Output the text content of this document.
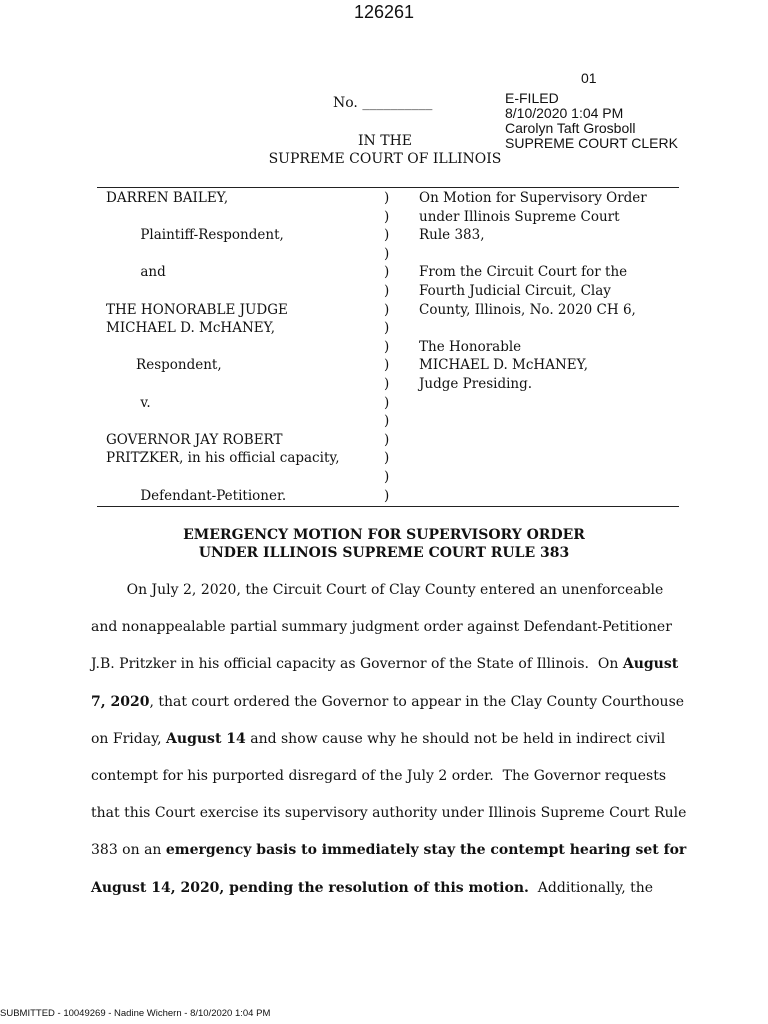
126261
01
No. __________	E-FILED
8/10/2020 1:04 PM
Carolyn Taft Grosboll
SUPREME COURT CLERK
IN THE
SUPREME COURT OF ILLINOIS
DARREN BAILEY,

Plaintiff-Respondent,

and

THE HONORABLE JUDGE
MICHAEL D. McHANEY,

Respondent,

v.

GOVERNOR JAY ROBERT
PRITZKER, in his official capacity,

Defendant-Petitioner.
)
)
)
)
)
)
)
)
)
)
)
)
)
)
)
)
)
On Motion for Supervisory Order
under Illinois Supreme Court
Rule 383,

From the Circuit Court for the
Fourth Judicial Circuit, Clay
County, Illinois, No. 2020 CH 6,

The Honorable
MICHAEL D. McHANEY,
Judge Presiding.
EMERGENCY MOTION FOR SUPERVISORY ORDER
UNDER ILLINOIS SUPREME COURT RULE 383
On July 2, 2020, the Circuit Court of Clay County entered an unenforceable
and nonappealable partial summary judgment order against Defendant-Petitioner
J.B. Pritzker in his official capacity as Governor of the State of Illinois.  On August
7, 2020, that court ordered the Governor to appear in the Clay County Courthouse
on Friday, August 14 and show cause why he should not be held in indirect civil
contempt for his purported disregard of the July 2 order.  The Governor requests
that this Court exercise its supervisory authority under Illinois Supreme Court Rule
383 on an emergency basis to immediately stay the contempt hearing set for
August 14, 2020, pending the resolution of this motion.  Additionally, the
SUBMITTED - 10049269 - Nadine Wichern - 8/10/2020 1:04 PM
